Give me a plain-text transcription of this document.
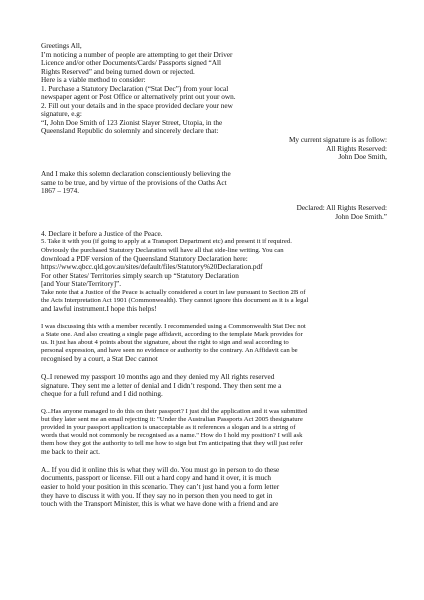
Greetings All,
I’m noticing a number of people are attempting to get their Driver
Licence and/or other Documents/Cards/ Passports signed “All
Rights Reserved” and being turned down or rejected.
Here is a viable method to consider:
1. Purchase a Statutory Declaration (“Stat Dec”) from your local
newspaper agent or Post Office or alternatively print out your own.
2. Fill out your details and in the space provided declare your new
signature, e.g:
“I, John Doe Smith of 123 Zionist Slayer Street, Utopia, in the
Queensland Republic do solemnly and sincerely declare that:
My current signature is as follow:
All Rights Reserved:
John Doe Smith,
And I make this solemn declaration conscientiously believing the
same to be true, and by virtue of the provisions of the Oaths Act
1867 – 1974.
Declared: All Rights Reserved:
John Doe Smith.”
4. Declare it before a Justice of the Peace.
5. Take it with you (if going to apply at a Transport Department etc) and present it if required.
Obviously the purchased Statutory Declaration will have all that side-line writing. You can
download a PDF version of the Queensland Statutory Declaration here:
https://www.qbcc.qld.gov.au/sites/default/files/Statutory%20Declaration.pdf
For other States/ Territories simply search up “Statutory Declaration
[and Your State/Territory]”.
Take note that a Justice of the Peace is actually considered a court in law pursuant to Section 2B of
the Acts Interpretation Act 1901 (Commonwealth). They cannot ignore this document as it is a legal
and lawful instrument.I hope this helps!
I was discussing this with a member recently. I recommended using a Commonwealth Stat Dec not
a State one. And also creating a single page affidavit, according to the template Mark provides for
us. It just has about 4 points about the signature, about the right to sign and seal according to
personal expression, and have seen no evidence or authority to the contrary. An Affidavit can be
recognised by a court, a Stat Dec cannot
Q..I renewed my passport 10 months ago and they denied my All rights reserved
signature. They sent me a letter of denial and I didn’t respond. They then sent me a
cheque for a full refund and I did nothing.
Q...Has anyone managed to do this on their passport? I just did the application and it was submitted
but they later sent me an email rejecting it: "Under the Australian Passports Act 2005 thesignature
provided in your passport application is unacceptable as it references a slogan and is a string of
words that would not commonly be recognised as a name." How do I hold my position? I will ask
them how they got the authority to tell me how to sign but I'm anticipating that they will just refer
me back to their act.
A.. If you did it online this is what they will do. You must go in person to do these
documents, passport or license. Fill out a hard copy and hand it over, it is much
easier to hold your position in this scenario. They can’t just hand you a form letter
they have to discuss it with you. If they say no in person then you need to get in
touch with the Transport Minister, this is what we have done with a friend and are
